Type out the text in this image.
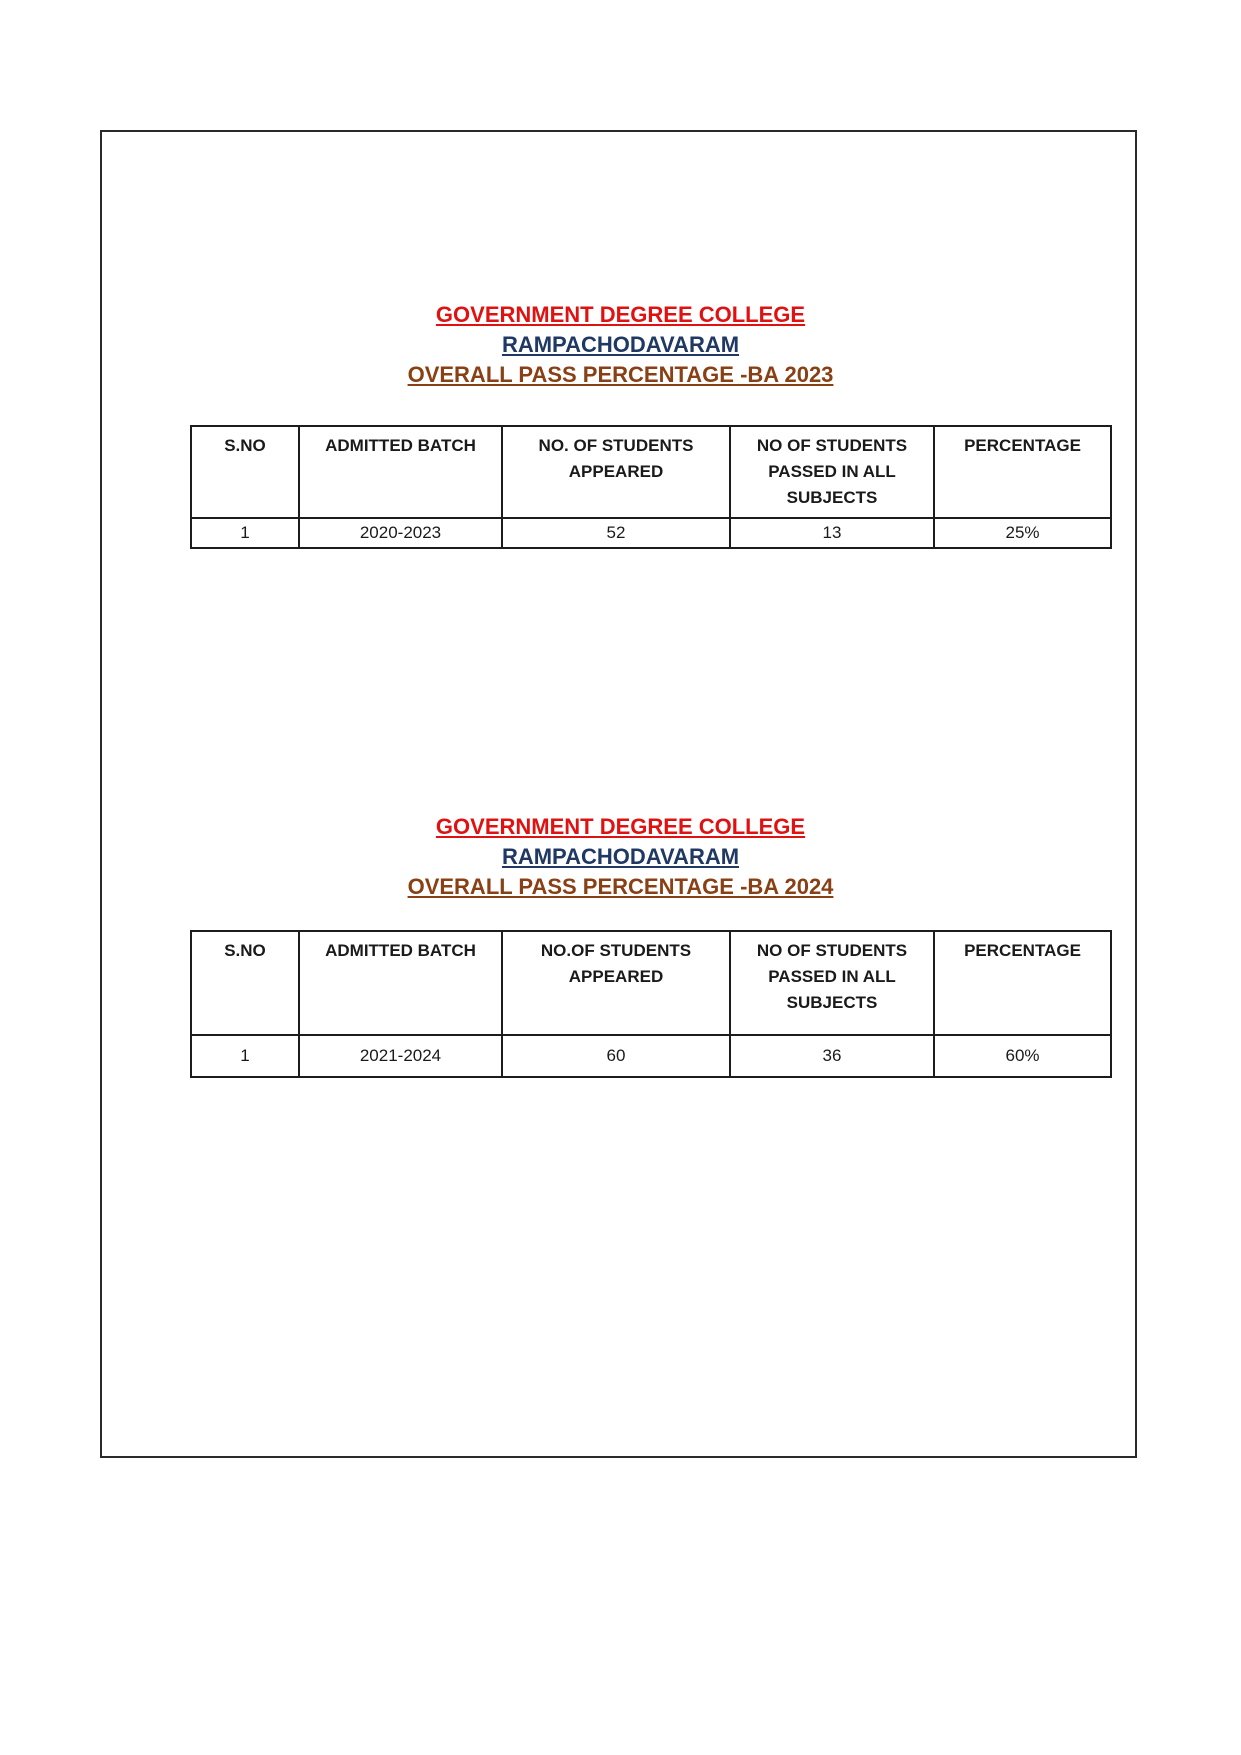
GOVERNMENT DEGREE COLLEGE
RAMPACHODAVARAM
OVERALL PASS PERCENTAGE -BA 2023
S.NO	ADMITTED BATCH	NO. OF STUDENTS APPEARED	NO OF STUDENTS PASSED IN ALL SUBJECTS	PERCENTAGE
1	2020-2023	52	13	25%
GOVERNMENT DEGREE COLLEGE
RAMPACHODAVARAM
OVERALL PASS PERCENTAGE -BA 2024
S.NO	ADMITTED BATCH	NO.OF STUDENTS APPEARED	NO OF STUDENTS PASSED IN ALL SUBJECTS	PERCENTAGE
1	2021-2024	60	36	60%
